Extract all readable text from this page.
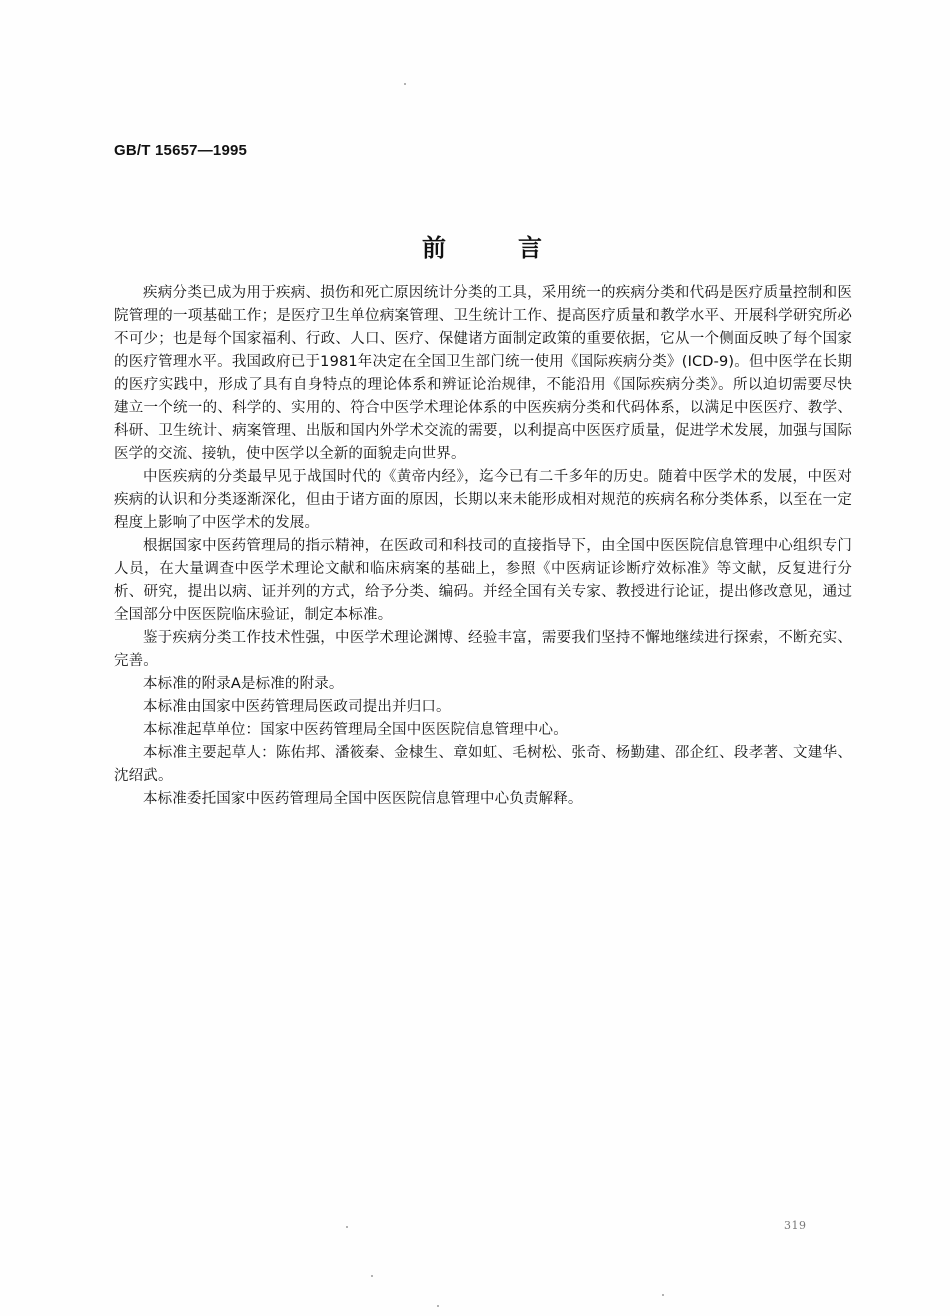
GB/T 15657—1995
前言

疾病分类已成为用于疾病、损伤和死亡原因统计分类的工具，采用统一的疾病分类和代码是医疗质量控制和医院管理的一项基础工作；是医疗卫生单位病案管理、卫生统计工作、提高医疗质量和教学水平、开展科学研究所必不可少；也是每个国家福利、行政、人口、医疗、保健诸方面制定政策的重要依据，它从一个侧面反映了每个国家的医疗管理水平。我国政府已于1981年决定在全国卫生部门统一使用《国际疾病分类》(ICD-9)。但中医学在长期的医疗实践中，形成了具有自身特点的理论体系和辨证论治规律，不能沿用《国际疾病分类》。所以迫切需要尽快建立一个统一的、科学的、实用的、符合中医学术理论体系的中医疾病分类和代码体系，以满足中医医疗、教学、科研、卫生统计、病案管理、出版和国内外学术交流的需要，以利提高中医医疗质量，促进学术发展，加强与国际医学的交流、接轨，使中医学以全新的面貌走向世界。

中医疾病的分类最早见于战国时代的《黄帝内经》，迄今已有二千多年的历史。随着中医学术的发展，中医对疾病的认识和分类逐渐深化，但由于诸方面的原因，长期以来未能形成相对规范的疾病名称分类体系，以至在一定程度上影响了中医学术的发展。

根据国家中医药管理局的指示精神，在医政司和科技司的直接指导下，由全国中医医院信息管理中心组织专门人员，在大量调查中医学术理论文献和临床病案的基础上，参照《中医病证诊断疗效标准》等文献，反复进行分析、研究，提出以病、证并列的方式，给予分类、编码。并经全国有关专家、教授进行论证，提出修改意见，通过全国部分中医医院临床验证，制定本标准。

鉴于疾病分类工作技术性强，中医学术理论渊博、经验丰富，需要我们坚持不懈地继续进行探索，不断充实、完善。

本标准的附录A是标准的附录。

本标准由国家中医药管理局医政司提出并归口。

本标准起草单位：国家中医药管理局全国中医医院信息管理中心。

本标准主要起草人：陈佑邦、潘筱秦、金棣生、章如虹、毛树松、张奇、杨勤建、邵企红、段孝著、文建华、沈绍武。

本标准委托国家中医药管理局全国中医医院信息管理中心负责解释。

319
